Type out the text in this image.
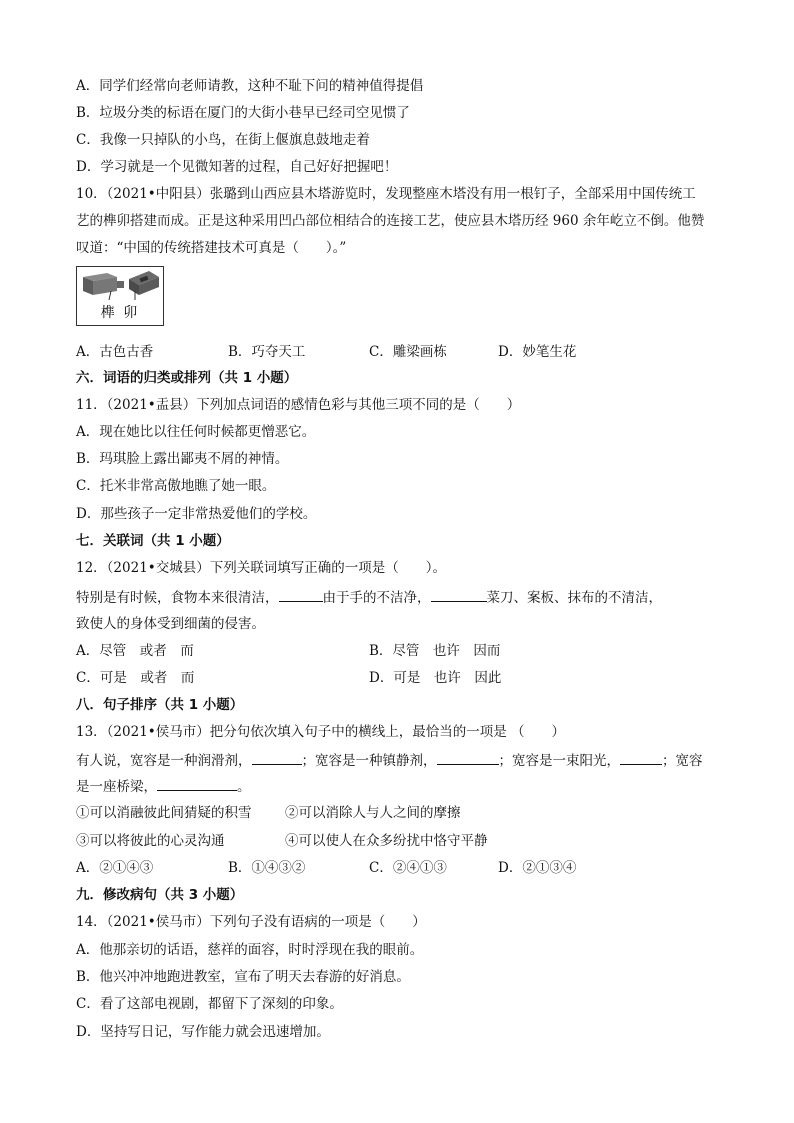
A．同学们经常向老师请教，这种不耻下问的精神值得提倡
B．垃圾分类的标语在厦门的大街小巷早已经司空见惯了
C．我像一只掉队的小鸟，在街上偃旗息鼓地走着
D．学习就是一个见微知著的过程，自己好好把握吧！
10．（2021•中阳县）张璐到山西应县木塔游览时，发现整座木塔没有用一根钉子，全部采用中国传统工
艺的榫卯搭建而成。正是这种采用凹凸部位相结合的连接工艺，使应县木塔历经 960 余年屹立不倒。他赞
叹道：“中国的传统搭建技术可真是（　　）。”
榫 卯
A．古色古香	B．巧夺天工	C．雕梁画栋	D．妙笔生花
六．词语的归类或排列（共 1 小题）
11．（2021•盂县）下列加点词语的感情色彩与其他三项不同的是（　　）
A．现在她比以往任何时候都更憎恶它。
B．玛琪脸上露出鄙夷不屑的神情。
C．托米非常高傲地瞧了她一眼。
D．那些孩子一定非常热爱他们的学校。
七．关联词（共 1 小题）
12．（2021•交城县）下列关联词填写正确的一项是（　　）。
特别是有时候，食物本来很清洁，	由于手的不洁净，	菜刀、案板、抹布的不清洁，
致使人的身体受到细菌的侵害。
A．尽管　或者　而	B．尽管　也许　因而
C．可是　或者　而	D．可是　也许　因此
八．句子排序（共 1 小题）
13．（2021•侯马市）把分句依次填入句子中的横线上，最恰当的一项是 （　　）
有人说，宽容是一种润滑剂，	；宽容是一种镇静剂，	；宽容是一束阳光，	；宽容
是一座桥梁，	。
①可以消融彼此间猜疑的积雪 ②可以消除人与人之间的摩擦
③可以将彼此的心灵沟通	④可以使人在众多纷扰中恪守平静
A．②①④③	B．①④③②	C．②④①③	D．②①③④
九．修改病句（共 3 小题）
14．（2021•侯马市）下列句子没有语病的一项是（　　）
A．他那亲切的话语，慈祥的面容，时时浮现在我的眼前。
B．他兴冲冲地跑进教室，宣布了明天去春游的好消息。
C．看了这部电视剧，都留下了深刻的印象。
D．坚持写日记，写作能力就会迅速增加。
